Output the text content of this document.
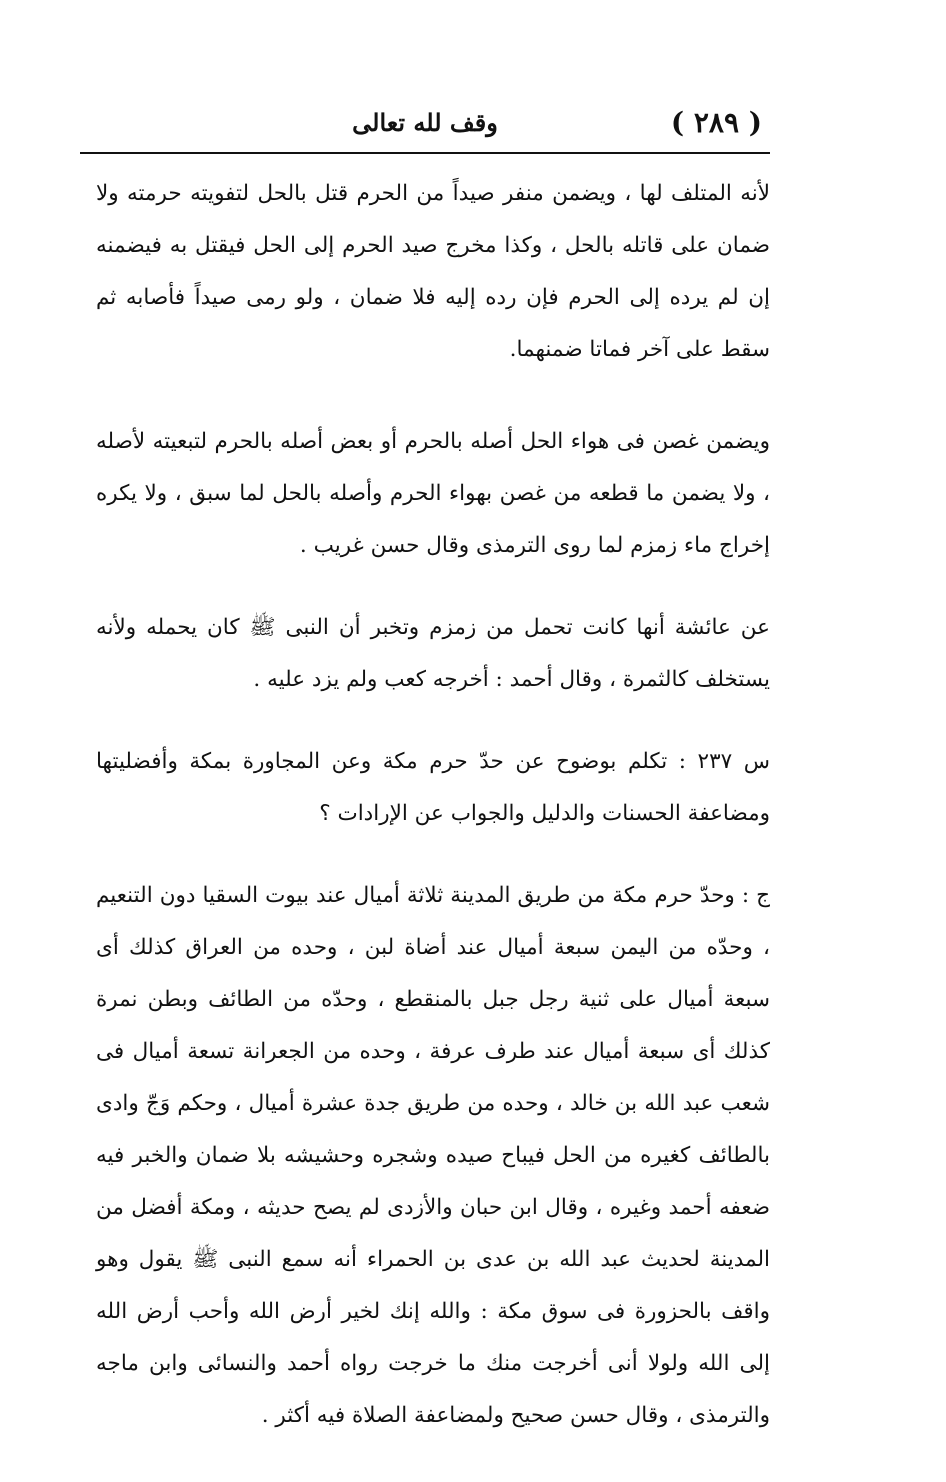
( ٢٨٩ )
وقف لله تعالى

لأنه المتلف لها ، ويضمن منفر صيداً من الحرم قتل بالحل لتفويته حرمته ولا ضمان على قاتله بالحل ، وكذا مخرج صيد الحرم إلى الحل فيقتل به فيضمنه إن لم يرده إلى الحرم فإن رده إليه فلا ضمان ، ولو رمى صيداً فأصابه ثم سقط على آخر فماتا ضمنهما.

ويضمن غصن فى هواء الحل أصله بالحرم أو بعض أصله بالحرم لتبعيته لأصله ، ولا يضمن ما قطعه من غصن بهواء الحرم وأصله بالحل لما سبق ، ولا يكره إخراج ماء زمزم لما روى الترمذى وقال حسن غريب .

عن عائشة أنها كانت تحمل من زمزم وتخبر أن النبى ﷺ كان يحمله ولأنه يستخلف كالثمرة ، وقال أحمد : أخرجه كعب ولم يزد عليه .

س ٢٣٧ : تكلم بوضوح عن حدّ حرم مكة وعن المجاورة بمكة وأفضليتها ومضاعفة الحسنات والدليل والجواب عن الإرادات ؟

ج : وحدّ حرم مكة من طريق المدينة ثلاثة أميال عند بيوت السقيا دون التنعيم ، وحدّه من اليمن سبعة أميال عند أضاة لبن ، وحده من العراق كذلك أى سبعة أميال على ثنية رجل جبل بالمنقطع ، وحدّه من الطائف وبطن نمرة كذلك أى سبعة أميال عند طرف عرفة ، وحده من الجعرانة تسعة أميال فى شعب عبد الله بن خالد ، وحده من طريق جدة عشرة أميال ، وحكم وَجّ وادى بالطائف كغيره من الحل فيباح صيده وشجره وحشيشه بلا ضمان والخبر فيه ضعفه أحمد وغيره ، وقال ابن حبان والأزدى لم يصح حديثه ، ومكة أفضل من المدينة لحديث عبد الله بن عدى بن الحمراء أنه سمع النبى ﷺ يقول وهو واقف بالحزورة فى سوق مكة : والله إنك لخير أرض الله وأحب أرض الله إلى الله ولولا أنى أخرجت منك ما خرجت رواه أحمد والنسائى وابن ماجه والترمذى ، وقال حسن صحيح ولمضاعفة الصلاة فيه أكثر .
